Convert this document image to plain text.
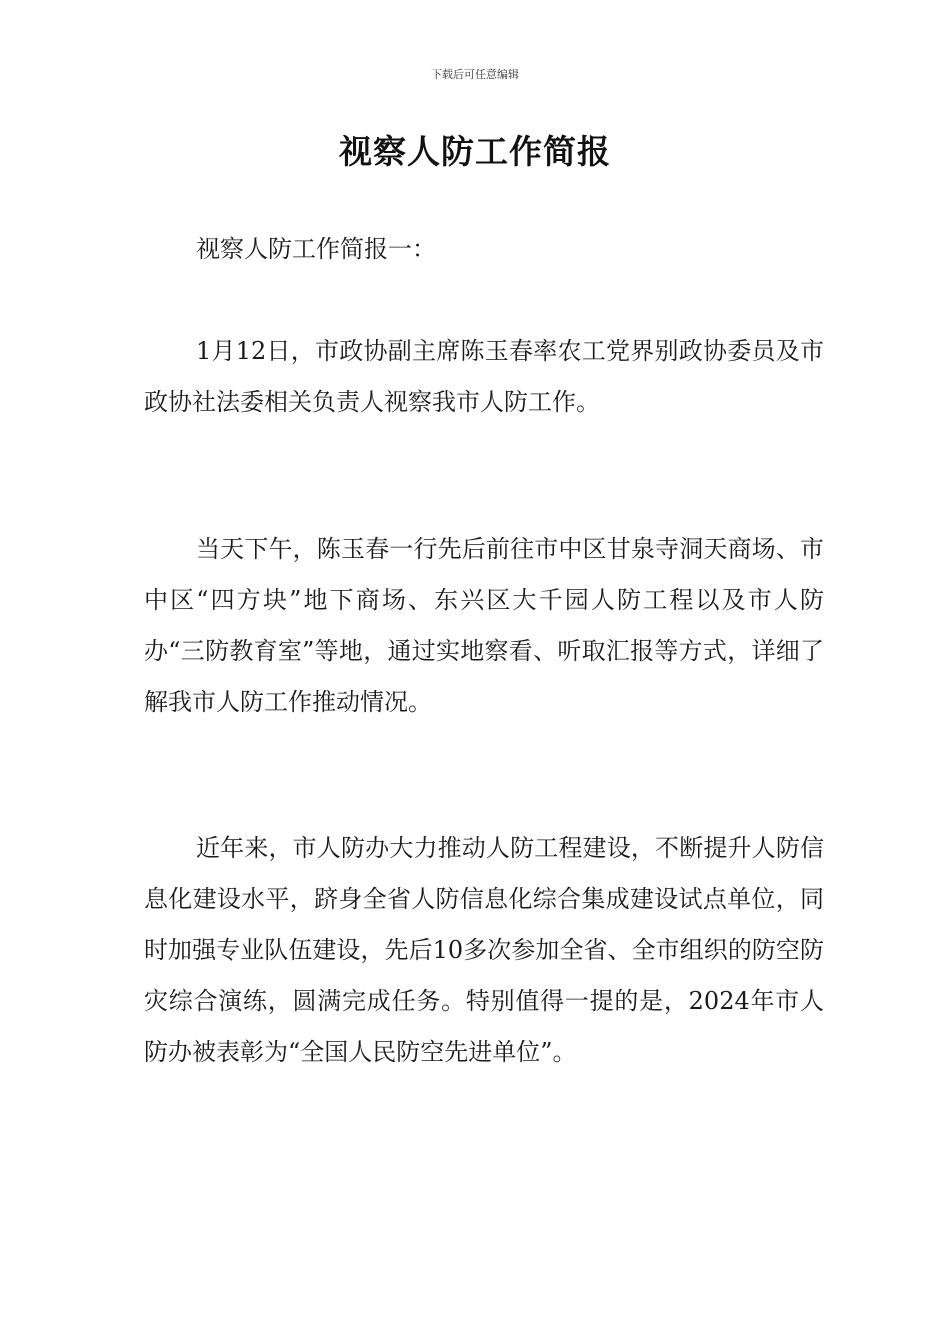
下载后可任意编辑
视察人防工作简报

视察人防工作简报一：

1月12日，市政协副主席陈玉春率农工党界别政协委员及市政协社法委相关负责人视察我市人防工作。

当天下午，陈玉春一行先后前往市中区甘泉寺洞天商场、市中区“四方块”地下商场、东兴区大千园人防工程以及市人防办“三防教育室”等地，通过实地察看、听取汇报等方式，详细了解我市人防工作推动情况。

近年来，市人防办大力推动人防工程建设，不断提升人防信息化建设水平，跻身全省人防信息化综合集成建设试点单位，同时加强专业队伍建设，先后10多次参加全省、全市组织的防空防灾综合演练，圆满完成任务。特别值得一提的是，2024年市人防办被表彰为“全国人民防空先进单位”。
